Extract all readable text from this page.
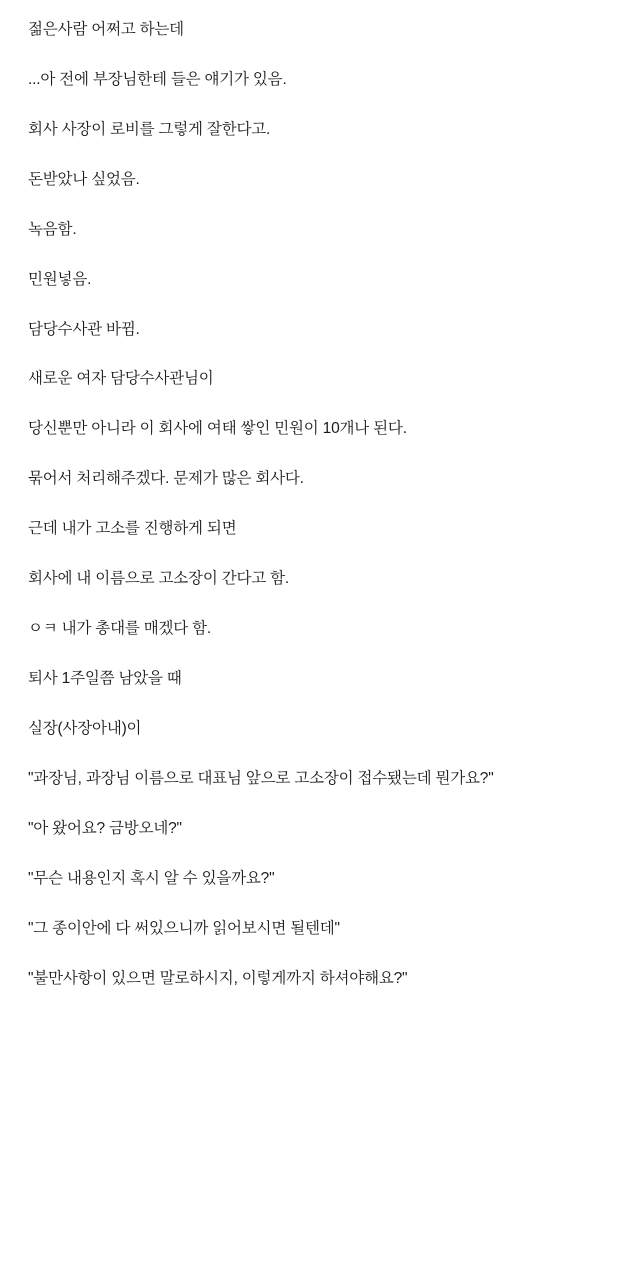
젊은사람 어쩌고 하는데

...아 전에 부장님한테 들은 얘기가 있음.

회사 사장이 로비를 그렇게 잘한다고.

돈받았나 싶었음.

녹음함.

민원넣음.

담당수사관 바뀜.

새로운 여자 담당수사관님이

당신뿐만 아니라 이 회사에 여태 쌓인 민원이 10개나 된다.

묶어서 처리해주겠다. 문제가 많은 회사다.

근데 내가 고소를 진행하게 되면

회사에 내 이름으로 고소장이 간다고 함.

ㅇㅋ 내가 총대를 매겠다 함.

퇴사 1주일쯤 남았을 때

실장(사장아내)이

"과장님, 과장님 이름으로 대표님 앞으로 고소장이 접수됐는데 뭔가요?"

"아 왔어요? 금방오네?"

"무슨 내용인지 혹시 알 수 있을까요?"

"그 종이안에 다 써있으니까 읽어보시면 될텐데"

"불만사항이 있으면 말로하시지, 이렇게까지 하셔야해요?"
